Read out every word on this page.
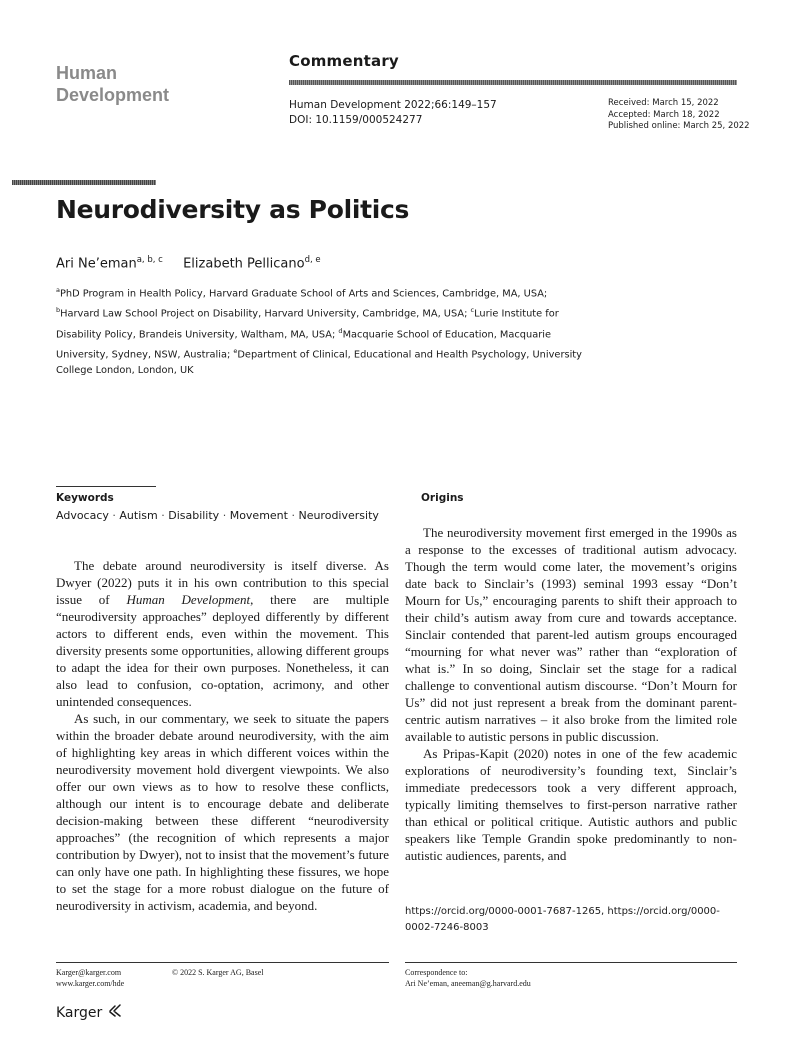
Human
Development
Commentary
Human Development 2022;66:149–157
DOI: 10.1159/000524277
Received: March 15, 2022
Accepted: March 18, 2022
Published online: March 25, 2022
Neurodiversity as Politics
Ari Ne’eman$^{a, b, c}$ Elizabeth Pellicano$^{d, e}$
$^a$PhD Program in Health Policy, Harvard Graduate School of Arts and Sciences, Cambridge, MA, USA;
$^b$Harvard Law School Project on Disability, Harvard University, Cambridge, MA, USA; $^c$Lurie Institute for Disability Policy, Brandeis University, Waltham, MA, USA; $^d$Macquarie School of Education, Macquarie University, Sydney, NSW, Australia; $^e$Department of Clinical, Educational and Health Psychology, University College London, London, UK
Keywords
Advocacy · Autism · Disability · Movement · Neurodiversity

The debate around neurodiversity is itself diverse. As Dwyer (2022) puts it in his own contribution to this special issue of Human Development, there are multiple “neurodiversity approaches” deployed differently by different actors to different ends, even within the movement. This diversity presents some opportunities, allowing different groups to adapt the idea for their own purposes. Nonetheless, it can also lead to confusion, co-optation, acrimony, and other unintended consequences.

As such, in our commentary, we seek to situate the papers within the broader debate around neurodiversity, with the aim of highlighting key areas in which different voices within the neurodiversity movement hold divergent viewpoints. We also offer our own views as to how to resolve these conflicts, although our intent is to encourage debate and deliberate decision-making between these different “neurodiversity approaches” (the recognition of which represents a major contribution by Dwyer), not to insist that the movement’s future can only have one path. In highlighting these fissures, we hope to set the stage for a more robust dialogue on the future of neurodiversity in activism, academia, and beyond.

Origins

The neurodiversity movement first emerged in the 1990s as a response to the excesses of traditional autism advocacy. Though the term would come later, the movement’s origins date back to Sinclair’s (1993) seminal 1993 essay “Don’t Mourn for Us,” encouraging parents to shift their approach to their child’s autism away from cure and towards acceptance. Sinclair contended that parent-led autism groups encouraged “mourning for what never was” rather than “exploration of what is.” In so doing, Sinclair set the stage for a radical challenge to conventional autism discourse. “Don’t Mourn for Us” did not just represent a break from the dominant parent-centric autism narratives – it also broke from the limited role available to autistic persons in public discussion.

As Pripas-Kapit (2020) notes in one of the few academic explorations of neurodiversity’s founding text, Sinclair’s immediate predecessors took a very different approach, typically limiting themselves to first-person narrative rather than ethical or political critique. Autistic authors and public speakers like Temple Grandin spoke predominantly to non-autistic audiences, parents, and

https://orcid.org/0000-0001-7687-1265, https://orcid.org/0000-0002-7246-8003
Karger@karger.com
www.karger.com/hde
© 2022 S. Karger AG, Basel	Correspondence to:
Ari Ne’eman, aneeman@g.harvard.edu
Karger
